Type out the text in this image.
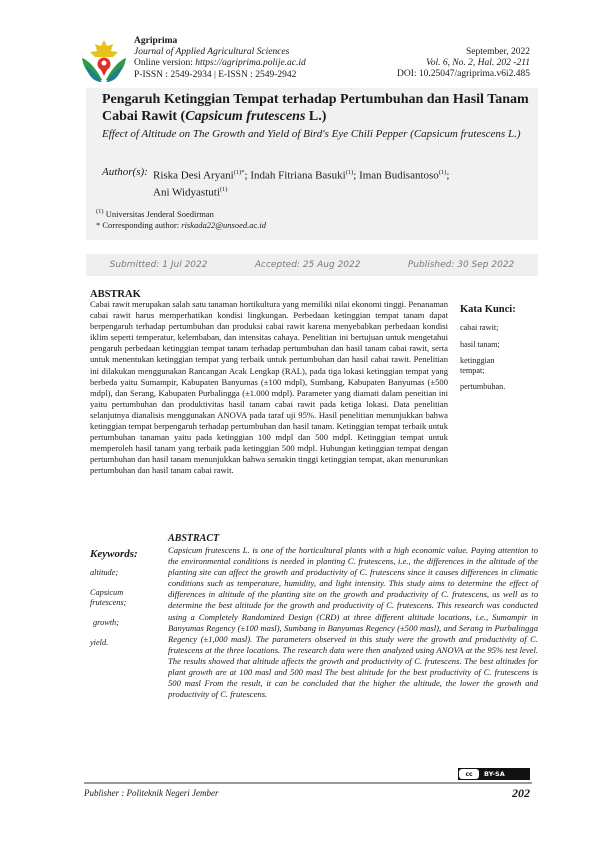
Agriprima
Journal of Applied Agricultural Sciences
Online version: https://agriprima.polije.ac.id
P-ISSN : 2549-2934 | E-ISSN : 2549-2942
September, 2022
Vol. 6, No. 2, Hal. 202 -211
DOI: 10.25047/agriprima.v6i2.485
Pengaruh Ketinggian Tempat terhadap Pertumbuhan dan Hasil Tanam Cabai Rawit (Capsicum frutescens L.)
Effect of Altitude on The Growth and Yield of Bird's Eye Chili Pepper (Capsicum frutescens L.)
Author(s): Riska Desi Aryani$^{(1)*}$; Indah Fitriana Basuki$^{(1)}$; Iman Budisantoso$^{(1)}$;
Ani Widyastuti$^{(1)}$
$^{(1)}$ Universitas Jenderal Soedirman
* Corresponding author: riskada22@unsoed.ac.id
Submitted: 1 Jul 2022	Accepted: 25 Aug 2022	Published: 30 Sep 2022
ABSTRAK
Cabai rawit merupakan salah satu tanaman hortikultura yang memiliki nilai ekonomi tinggi. Penanaman cabai rawit harus memperhatikan kondisi lingkungan. Perbedaan ketinggian tempat tanam dapat berpengaruh terhadap pertumbuhan dan produksi cabai rawit karena menyebabkan perbedaan kondisi iklim seperti temperatur, kelembaban, dan intensitas cahaya. Penelitian ini bertujuan untuk mengetahui pengaruh perbedaan ketinggian tempat tanam terhadap pertumbuhan dan hasil tanam cabai rawit, serta untuk menentukan ketinggian tempat yang terbaik untuk pertumbuhan dan hasil cabai rawit. Penelitian ini dilakukan menggunakan Rancangan Acak Lengkap (RAL), pada tiga lokasi ketinggian tempat yang berbeda yaitu Sumampir, Kabupaten Banyumas (±100 mdpl), Sumbang, Kabupaten Banyumas (±500 mdpl), dan Serang, Kabupaten Purbalingga (±1.000 mdpl). Parameter yang diamati dalam peneitian ini yaitu pertumbuhan dan produktivitas hasil tanam cabai rawit pada ketiga lokasi. Data penelitian selanjutnya dianalisis menggunakan ANOVA pada taraf uji 95%. Hasil penelitian menunjukkan bahwa ketinggian tempat berpengaruh terhadap pertumbuhan dan hasil tanam. Ketinggian tempat terbaik untuk pertumbuhan tanaman yaitu pada ketinggian 100 mdpl dan 500 mdpl. Ketinggian tempat untuk memperoleh hasil tanam yang terbaik pada ketinggian 500 mdpl. Hubungan ketinggian tempat dengan pertumbuhan dan hasil tanam menunjukkan bahwa semakin tinggi ketinggian tempat, akan menurunkan pertumbuhan dan hasil tanam cabai rawit.
Kata Kunci:
cabai rawit;
hasil tanam;
ketinggian tempat;
pertumbuhan.
Keywords:
altitude;
Capsicum frutescens;
growth;
yield.
ABSTRACT
Capsicum frutescens L. is one of the horticultural plants with a high economic value. Paying attention to the environmental conditions is needed in planting C. frutescens, i.e., the differences in the altitude of the planting site can affect the growth and productivity of C. frutescens since it causes differences in climatic conditions such as temperature, humidity, and light intensity. This study aims to determine the effect of differences in altitude of the planting site on the growth and productivity of C. frutescens, as well as to determine the best altitude for the growth and productivity of C. frutescens. This research was conducted using a Completely Randomized Design (CRD) at three different altitude locations, i.e., Sumampir in Banyumas Regency (±100 masl), Sumbang in Banyumas Regency (±500 masl), and Serang in Purbalingga Regency (±1,000 masl). The parameters observed in this study were the growth and productivity of C. frutescens at the three locations. The research data were then analyzed using ANOVA at the 95% test level. The results showed that altitude affects the growth and productivity of C. frutescens. The best altitudes for plant growth are at 100 masl and 500 masl The best altitude for the best productivity of C. frutescens is 500 masl From the result, it can be concluded that the higher the altitude, the lower the growth and productivity of C. frutescens.
cc	BY-SA
Publisher : Politeknik Negeri Jember	202
